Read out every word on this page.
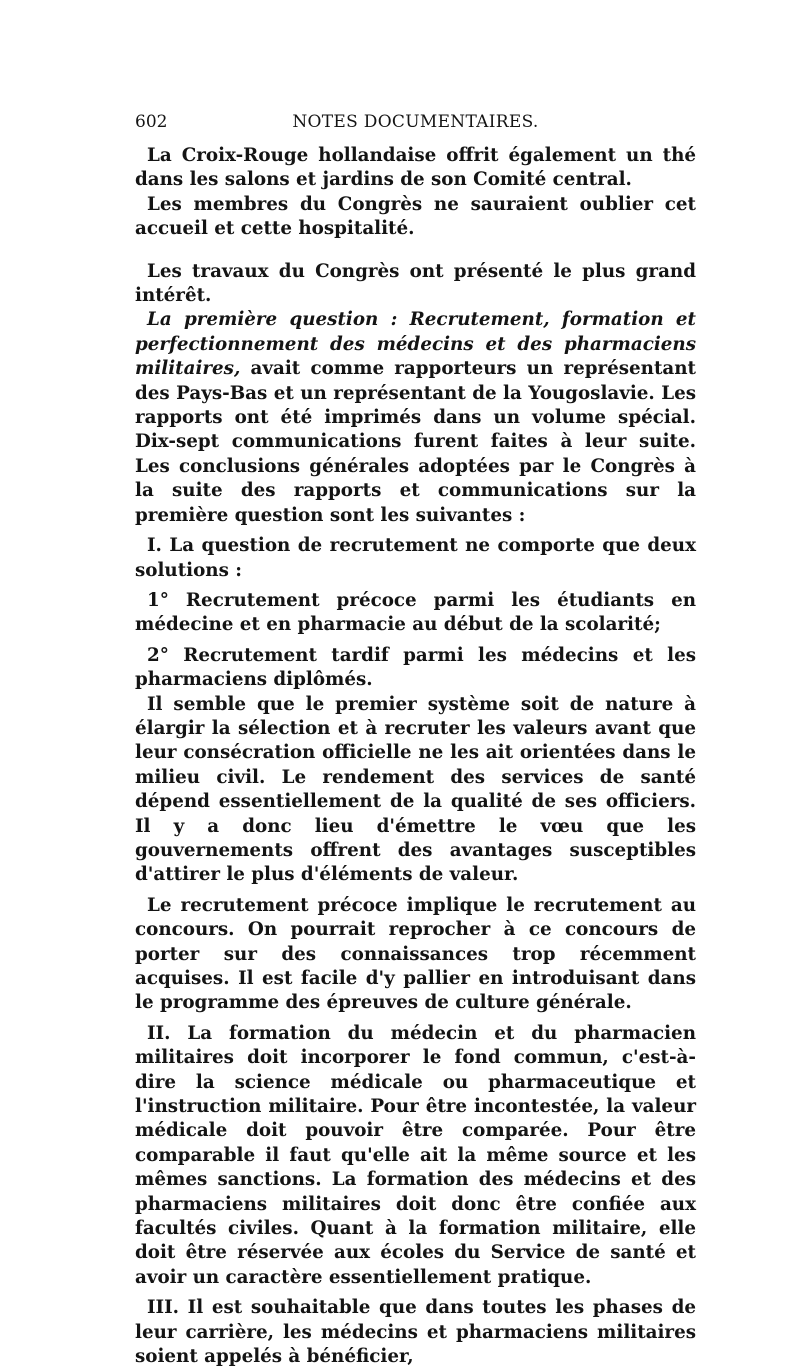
602	NOTES DOCUMENTAIRES.

La Croix-Rouge hollandaise offrit également un thé dans les salons et jardins de son Comité central.

Les membres du Congrès ne sauraient oublier cet accueil et cette hospitalité.

Les travaux du Congrès ont présenté le plus grand intérêt.

La première question : Recrutement, formation et perfectionnement des médecins et des pharmaciens militaires, avait comme rapporteurs un représentant des Pays-Bas et un représentant de la Yougoslavie. Les rapports ont été imprimés dans un volume spécial. Dix-sept communications furent faites à leur suite. Les conclusions générales adoptées par le Congrès à la suite des rapports et communications sur la première question sont les suivantes :

I. La question de recrutement ne comporte que deux solutions :

1° Recrutement précoce parmi les étudiants en médecine et en pharmacie au début de la scolarité;

2° Recrutement tardif parmi les médecins et les pharmaciens diplômés.

Il semble que le premier système soit de nature à élargir la sélection et à recruter les valeurs avant que leur consécration officielle ne les ait orientées dans le milieu civil. Le rendement des services de santé dépend essentiellement de la qualité de ses officiers. Il y a donc lieu d'émettre le vœu que les gouvernements offrent des avantages susceptibles d'attirer le plus d'éléments de valeur.

Le recrutement précoce implique le recrutement au concours. On pourrait reprocher à ce concours de porter sur des connaissances trop récemment acquises. Il est facile d'y pallier en introduisant dans le programme des épreuves de culture générale.

II. La formation du médecin et du pharmacien militaires doit incorporer le fond commun, c'est-à-dire la science médicale ou pharmaceutique et l'instruction militaire. Pour être incontestée, la valeur médicale doit pouvoir être comparée. Pour être comparable il faut qu'elle ait la même source et les mêmes sanctions. La formation des médecins et des pharmaciens militaires doit donc être confiée aux facultés civiles. Quant à la formation militaire, elle doit être réservée aux écoles du Service de santé et avoir un caractère essentiellement pratique.

III. Il est souhaitable que dans toutes les phases de leur carrière, les médecins et pharmaciens militaires soient appelés à bénéficier,
